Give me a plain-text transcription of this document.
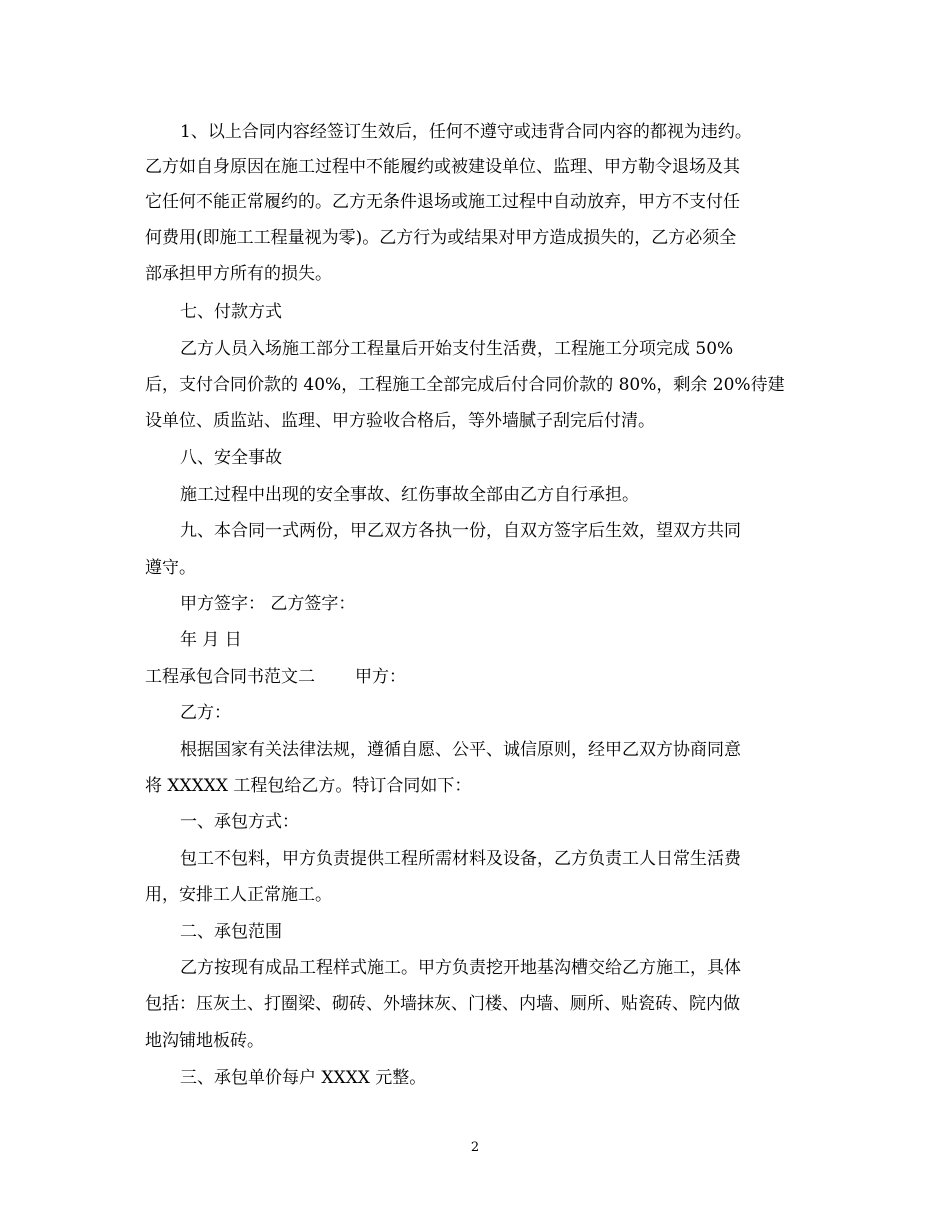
1、以上合同内容经签订生效后，任何不遵守或违背合同内容的都视为违约。
乙方如自身原因在施工过程中不能履约或被建设单位、监理、甲方勒令退场及其
它任何不能正常履约的。乙方无条件退场或施工过程中自动放弃，甲方不支付任
何费用(即施工工程量视为零)。乙方行为或结果对甲方造成损失的，乙方必须全
部承担甲方所有的损失。
七、付款方式
乙方人员入场施工部分工程量后开始支付生活费，工程施工分项完成 50%
后，支付合同价款的 40%，工程施工全部完成后付合同价款的 80%，剩余 20%待建
设单位、质监站、监理、甲方验收合格后，等外墙腻子刮完后付清。
八、安全事故
施工过程中出现的安全事故、红伤事故全部由乙方自行承担。
九、本合同一式两份，甲乙双方各执一份，自双方签字后生效，望双方共同
遵守。
甲方签字： 乙方签字：
年 月 日
工程承包合同书范文二 甲方：
乙方：
根据国家有关法律法规，遵循自愿、公平、诚信原则，经甲乙双方协商同意
将 XXXXX 工程包给乙方。特订合同如下：
一、承包方式：
包工不包料，甲方负责提供工程所需材料及设备，乙方负责工人日常生活费
用，安排工人正常施工。
二、承包范围
乙方按现有成品工程样式施工。甲方负责挖开地基沟槽交给乙方施工，具体
包括：压灰土、打圈梁、砌砖、外墙抹灰、门楼、内墙、厕所、贴瓷砖、院内做
地沟铺地板砖。
三、承包单价每户 XXXX 元整。
2
